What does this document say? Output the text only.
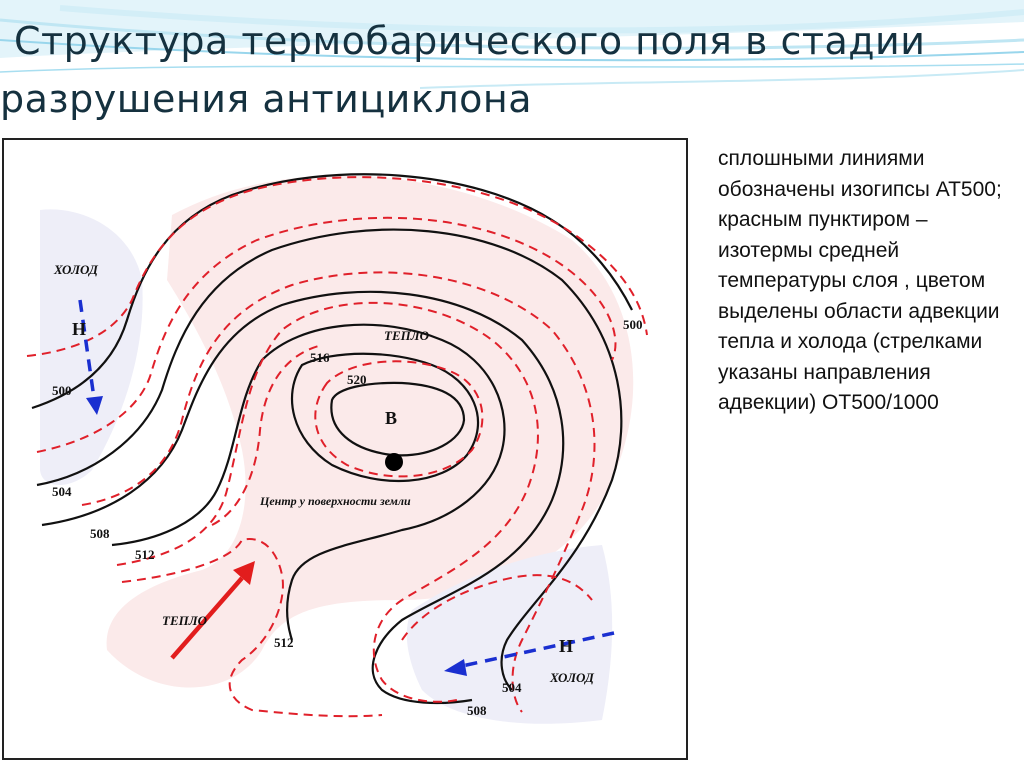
Структура термобарического поля в стадии
разрушения антициклона
ХОЛОД
Н
500
504
508
512
ТЕПЛО
516
520
В
Центр у поверхности земли
500
ТЕПЛО
512	Н
ХОЛОД
504
508
сплошными линиями обозначены изогипсы АТ500; красным пунктиром – изотермы средней температуры слоя , цветом выделены области адвекции тепла и холода (стрелками указаны направления адвекции) ОТ500/1000
